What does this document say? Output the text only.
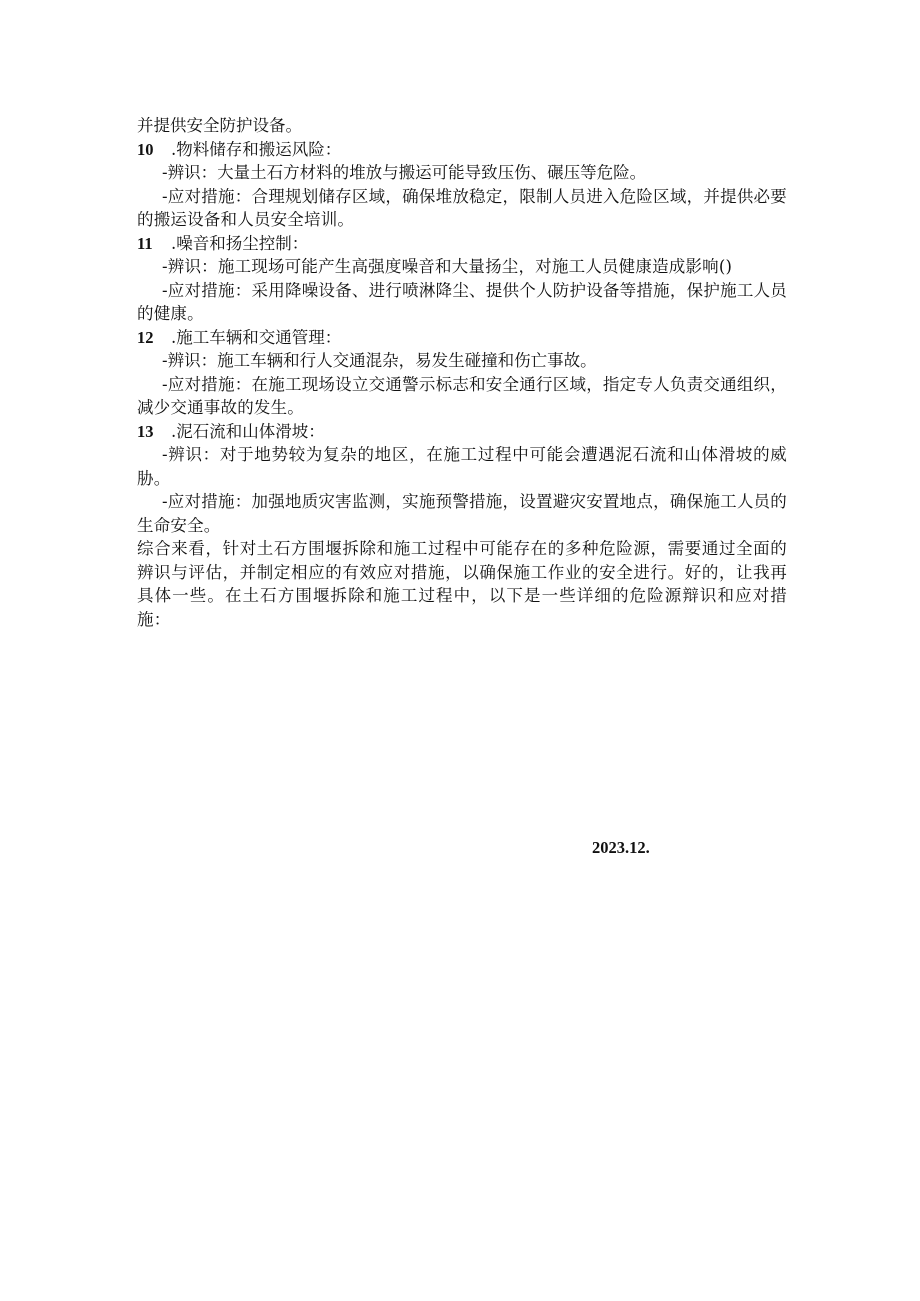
并提供安全防护设备。
10 .物料储存和搬运风险：
-辨识：大量土石方材料的堆放与搬运可能导致压伤、碾压等危险。

-应对措施：合理规划储存区域，确保堆放稳定，限制人员进入危险区域，并提供必要的搬运设备和人员安全培训。

11 .噪音和扬尘控制：

-辨识：施工现场可能产生高强度噪音和大量扬尘，对施工人员健康造成影响()

-应对措施：采用降噪设备、进行喷淋降尘、提供个人防护设备等措施，保护施工人员的健康。

12 .施工车辆和交通管理：
-辨识：施工车辆和行人交通混杂，易发生碰撞和伤亡事故。

-应对措施：在施工现场设立交通警示标志和安全通行区域，指定专人负责交通组织，减少交通事故的发生。

13 .泥石流和山体滑坡：

-辨识：对于地势较为复杂的地区，在施工过程中可能会遭遇泥石流和山体滑坡的威胁。

-应对措施：加强地质灾害监测，实施预警措施，设置避灾安置地点，确保施工人员的生命安全。

综合来看，针对土石方围堰拆除和施工过程中可能存在的多种危险源，需要通过全面的辨识与评估，并制定相应的有效应对措施，以确保施工作业的安全进行。好的，让我再具体一些。在土石方围堰拆除和施工过程中，以下是一些详细的危险源辩识和应对措施：

2023.12.
